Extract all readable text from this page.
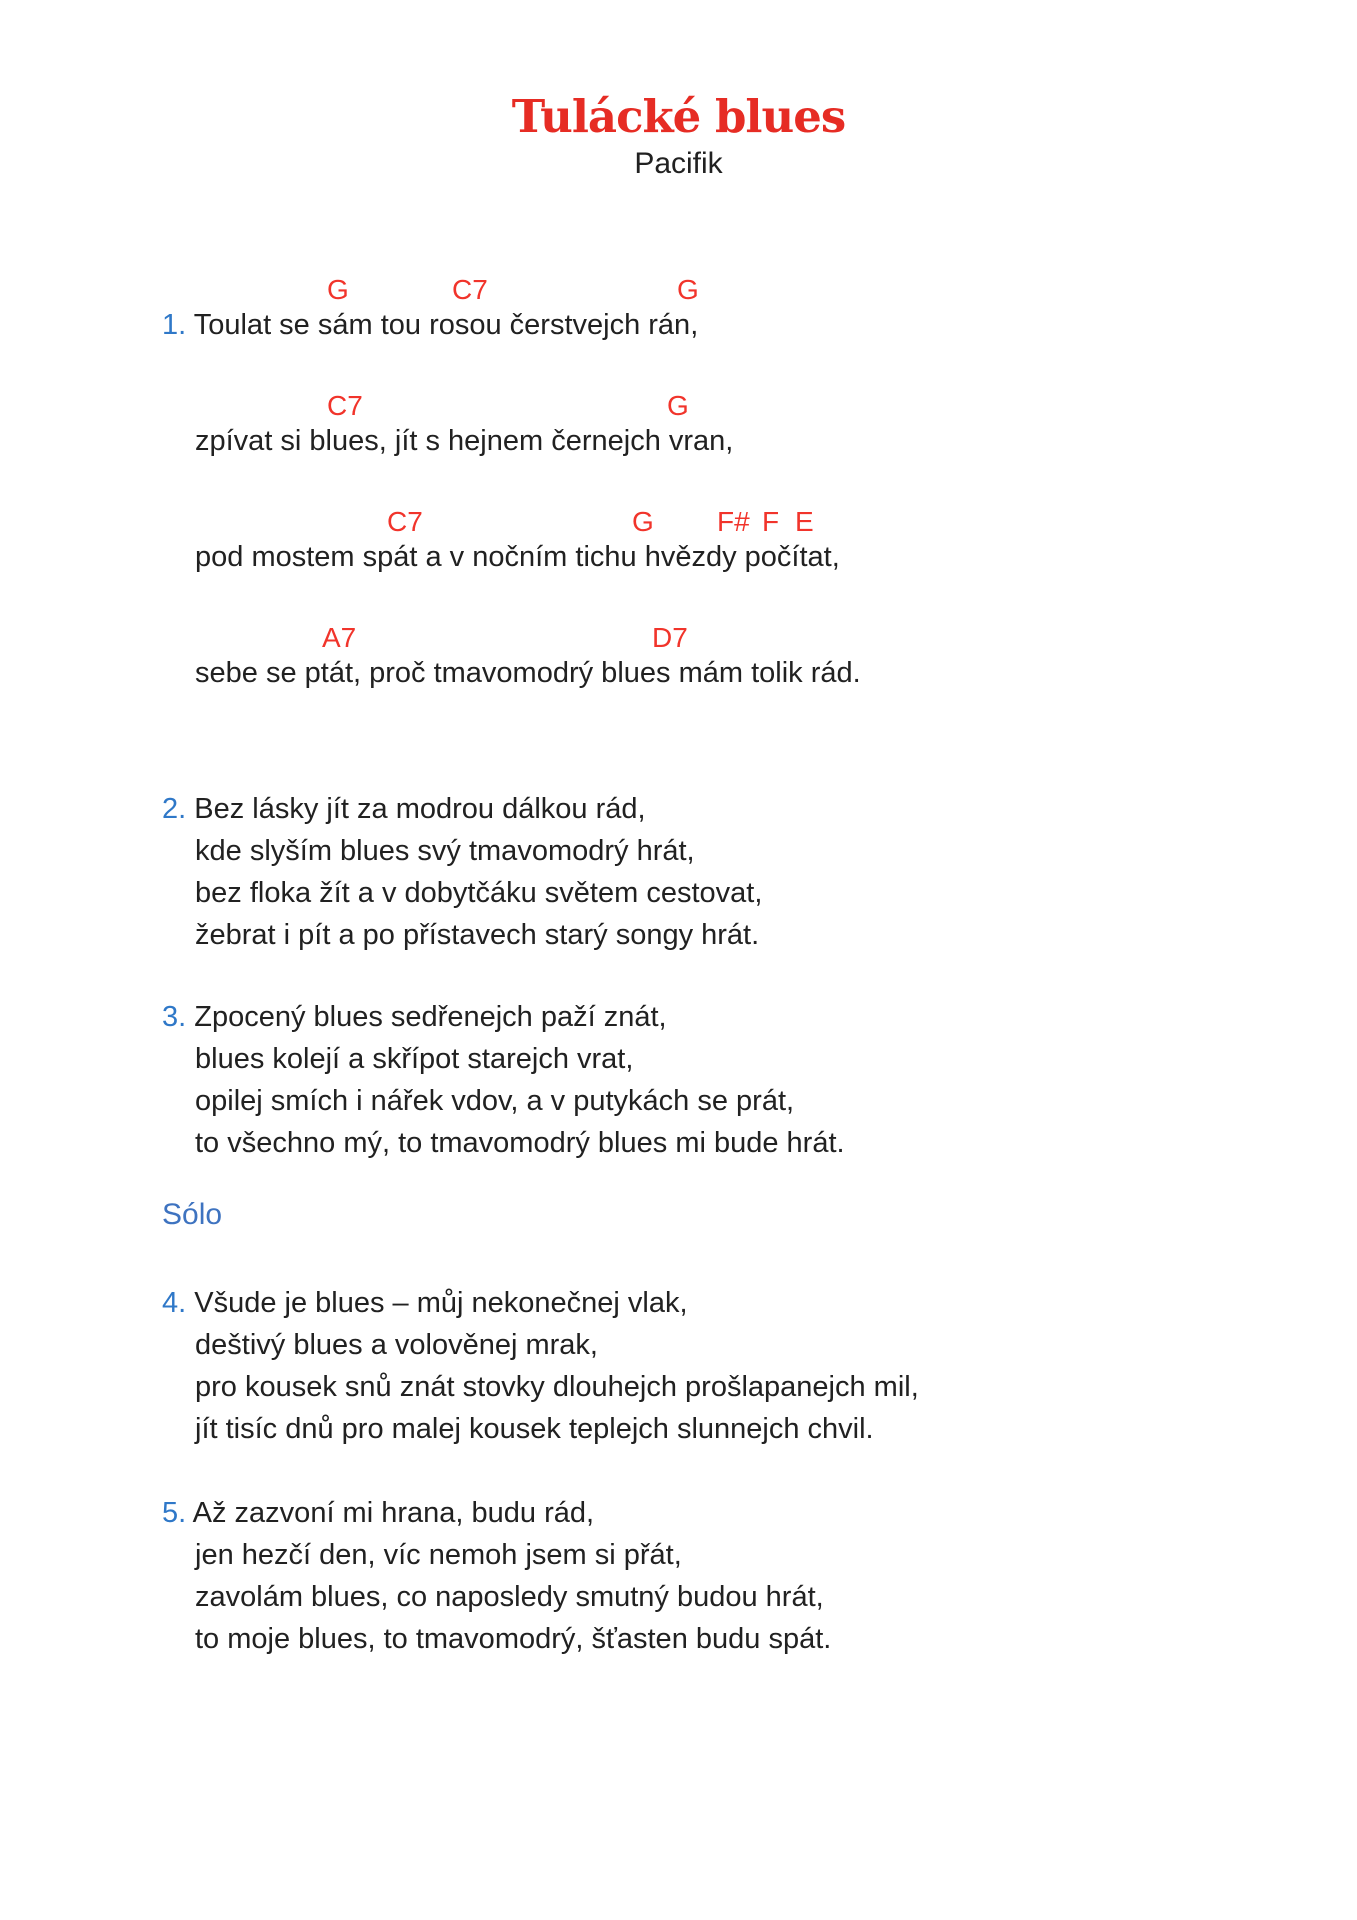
Tulácké blues
Pacifik
G	C7	G
1. Toulat se sám tou rosou čerstvejch rán,
C7	G
zpívat si blues, jít s hejnem černejch vran,
C7	G F# F E
pod mostem spát a v nočním tichu hvězdy počítat,
A7	D7
sebe se ptát, proč tmavomodrý blues mám tolik rád.
2. Bez lásky jít za modrou dálkou rád,
kde slyším blues svý tmavomodrý hrát,
bez floka žít a v dobytčáku světem cestovat,
žebrat i pít a po přístavech starý songy hrát.
3. Zpocený blues sedřenejch paží znát,
blues kolejí a skřípot starejch vrat,
opilej smích i nářek vdov, a v putykách se prát,
to všechno mý, to tmavomodrý blues mi bude hrát.
Sólo
4. Všude je blues – můj nekonečnej vlak,
deštivý blues a volověnej mrak,
pro kousek snů znát stovky dlouhejch prošlapanejch mil,
jít tisíc dnů pro malej kousek teplejch slunnejch chvil.
5. Až zazvoní mi hrana, budu rád,
jen hezčí den, víc nemoh jsem si přát,
zavolám blues, co naposledy smutný budou hrát,
to moje blues, to tmavomodrý, šťasten budu spát.
